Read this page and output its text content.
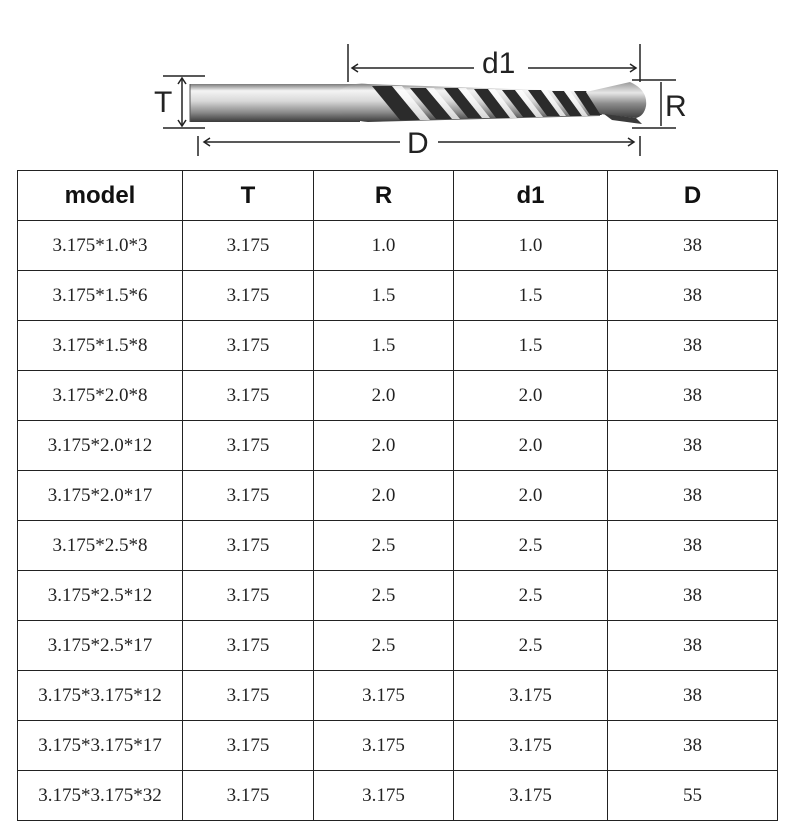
T
d1
R
D
model	T	R	d1	D
3.175*1.0*3	3.175	1.0	1.0	38
3.175*1.5*6	3.175	1.5	1.5	38
3.175*1.5*8	3.175	1.5	1.5	38
3.175*2.0*8	3.175	2.0	2.0	38
3.175*2.0*12	3.175	2.0	2.0	38
3.175*2.0*17	3.175	2.0	2.0	38
3.175*2.5*8	3.175	2.5	2.5	38
3.175*2.5*12	3.175	2.5	2.5	38
3.175*2.5*17	3.175	2.5	2.5	38
3.175*3.175*12	3.175	3.175	3.175	38
3.175*3.175*17	3.175	3.175	3.175	38
3.175*3.175*32	3.175	3.175	3.175	55
